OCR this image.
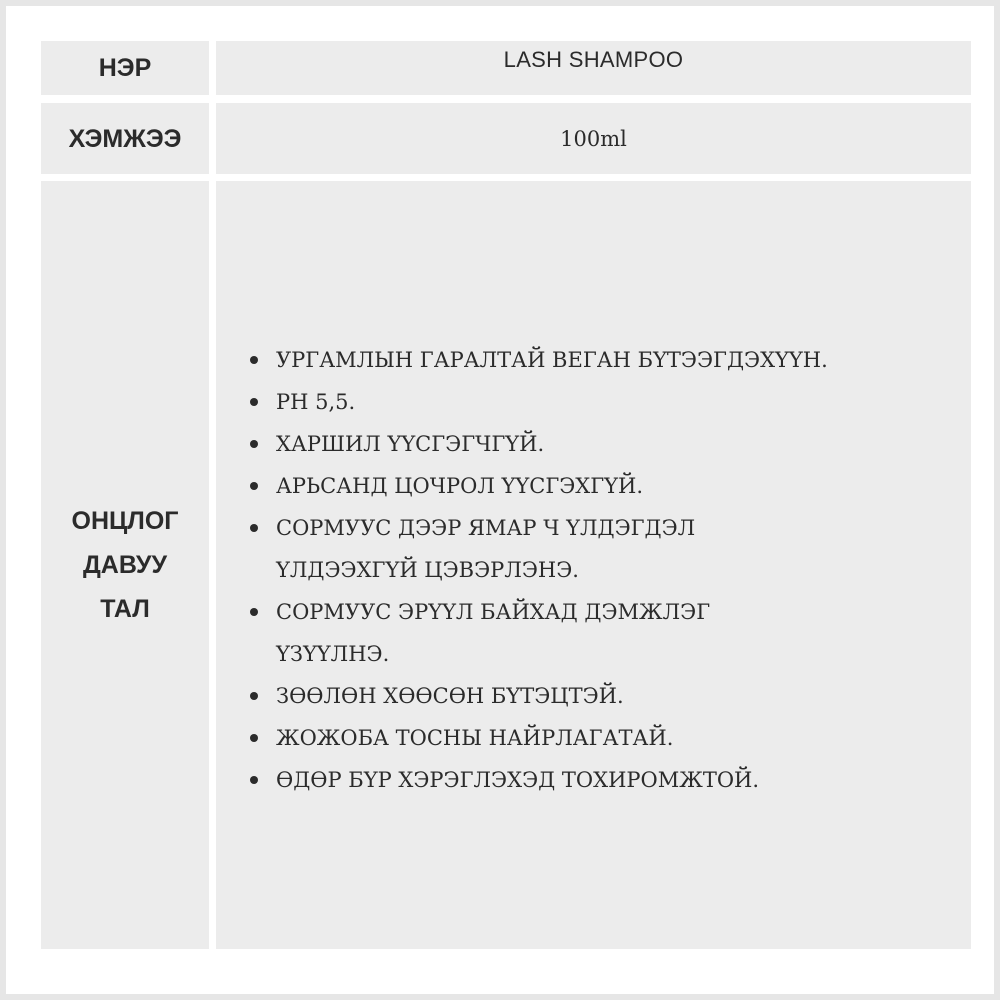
НЭР	LASH SHAMPOO
ХЭМЖЭЭ	100ml
ОНЦЛОГ ДАВУУ ТАЛ
УРГАМЛЫН ГАРАЛТАЙ ВЕГАН БҮТЭЭГДЭХҮҮН.
PH 5,5.
ХАРШИЛ ҮҮСГЭГЧГҮЙ.
АРЬСАНД ЦОЧРОЛ ҮҮСГЭХГҮЙ.
СОРМУУС ДЭЭР ЯМАР Ч ҮЛДЭГДЭЛ
ҮЛДЭЭХГҮЙ ЦЭВЭРЛЭНЭ.
СОРМУУС ЭРҮҮЛ БАЙХАД ДЭМЖЛЭГ
ҮЗҮҮЛНЭ.
ЗӨӨЛӨН ХӨӨСӨН БҮТЭЦТЭЙ.
ЖОЖОБА ТОСНЫ НАЙРЛАГАТАЙ.
ӨДӨР БҮР ХЭРЭГЛЭХЭД ТОХИРОМЖТОЙ.
